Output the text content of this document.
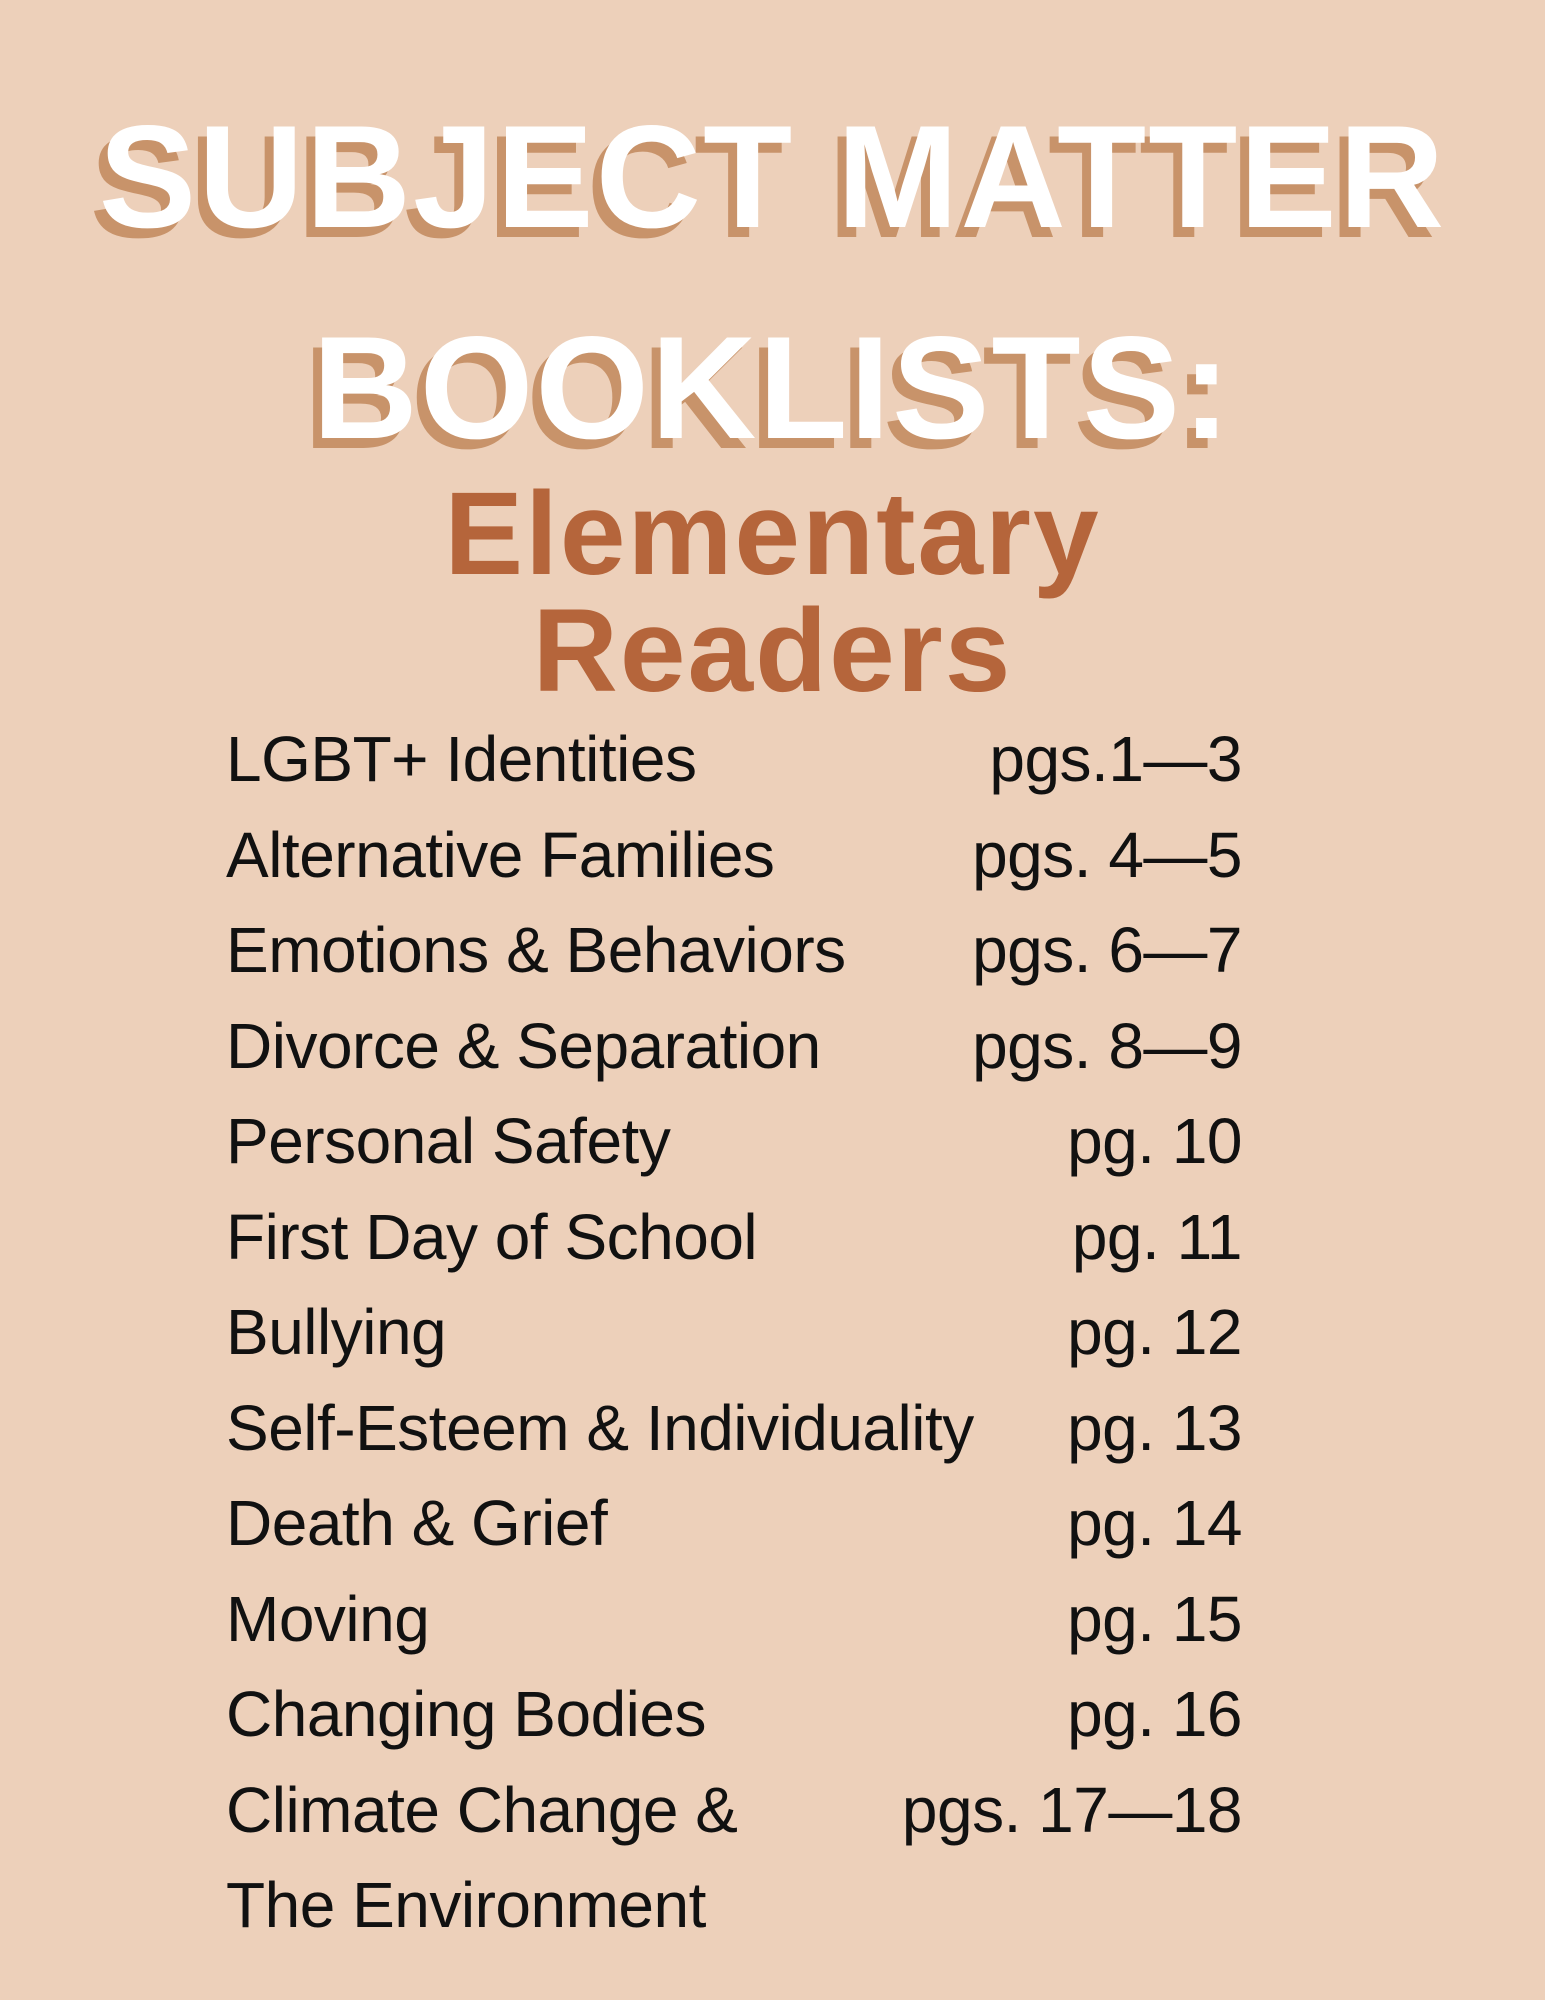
SUBJECT MATTER
BOOKLISTS:
Elementary
Readers
LGBT+ Identities	pgs.1—3
Alternative Families	pgs. 4—5
Emotions & Behaviors pgs. 6—7
Divorce & Separation pgs. 8—9
Personal Safety	pg. 10
First Day of School	pg. 11
Bullying	pg. 12
Self-Esteem & Individuality pg. 13
Death & Grief	pg. 14
Moving	pg. 15
Changing Bodies	pg. 16
Climate Change &	pgs. 17—18
The Environment
